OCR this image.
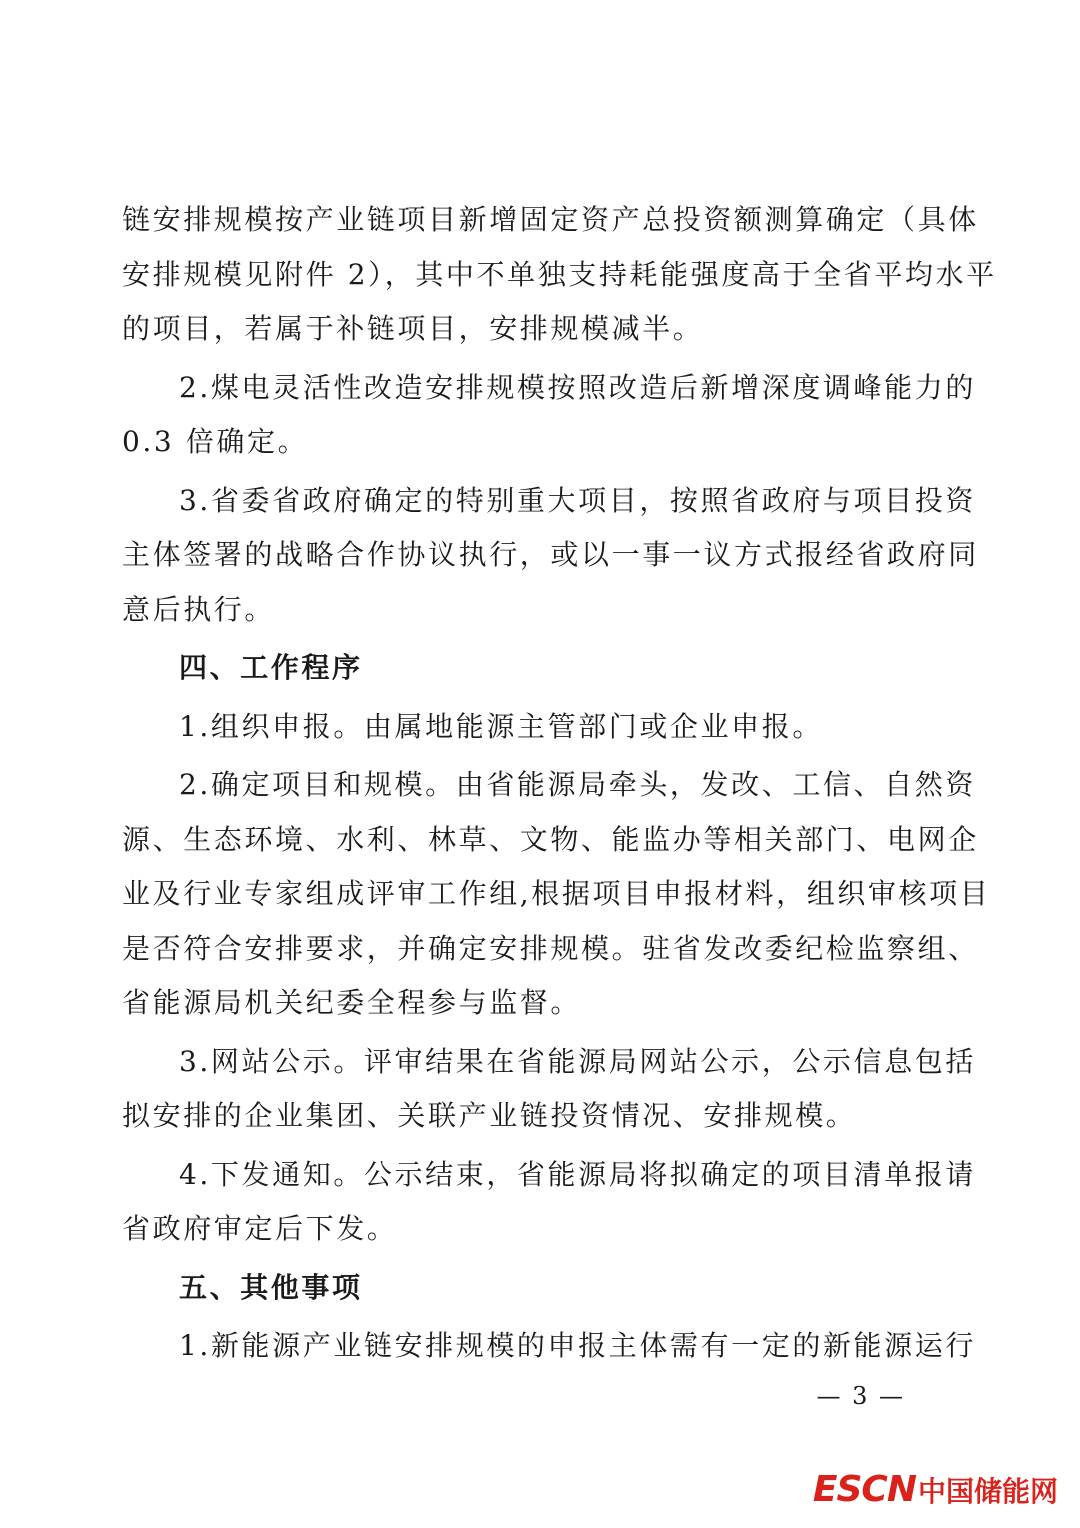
链安排规模按产业链项目新增固定资产总投资额测算确定（具体
安排规模见附件 2），其中不单独支持耗能强度高于全省平均水平
的项目，若属于补链项目，安排规模减半。

2.煤电灵活性改造安排规模按照改造后新增深度调峰能力的
0.3 倍确定。

3.省委省政府确定的特别重大项目，按照省政府与项目投资
主体签署的战略合作协议执行，或以一事一议方式报经省政府同
意后执行。

四、工作程序

1.组织申报。由属地能源主管部门或企业申报。

2.确定项目和规模。由省能源局牵头，发改、工信、自然资
源、生态环境、水利、林草、文物、能监办等相关部门、电网企
业及行业专家组成评审工作组,根据项目申报材料，组织审核项目
是否符合安排要求，并确定安排规模。驻省发改委纪检监察组、
省能源局机关纪委全程参与监督。

3.网站公示。评审结果在省能源局网站公示，公示信息包括
拟安排的企业集团、关联产业链投资情况、安排规模。

4.下发通知。公示结束，省能源局将拟确定的项目清单报请
省政府审定后下发。

五、其他事项

1.新能源产业链安排规模的申报主体需有一定的新能源运行

— 3 —
ESCN 中国储能网
